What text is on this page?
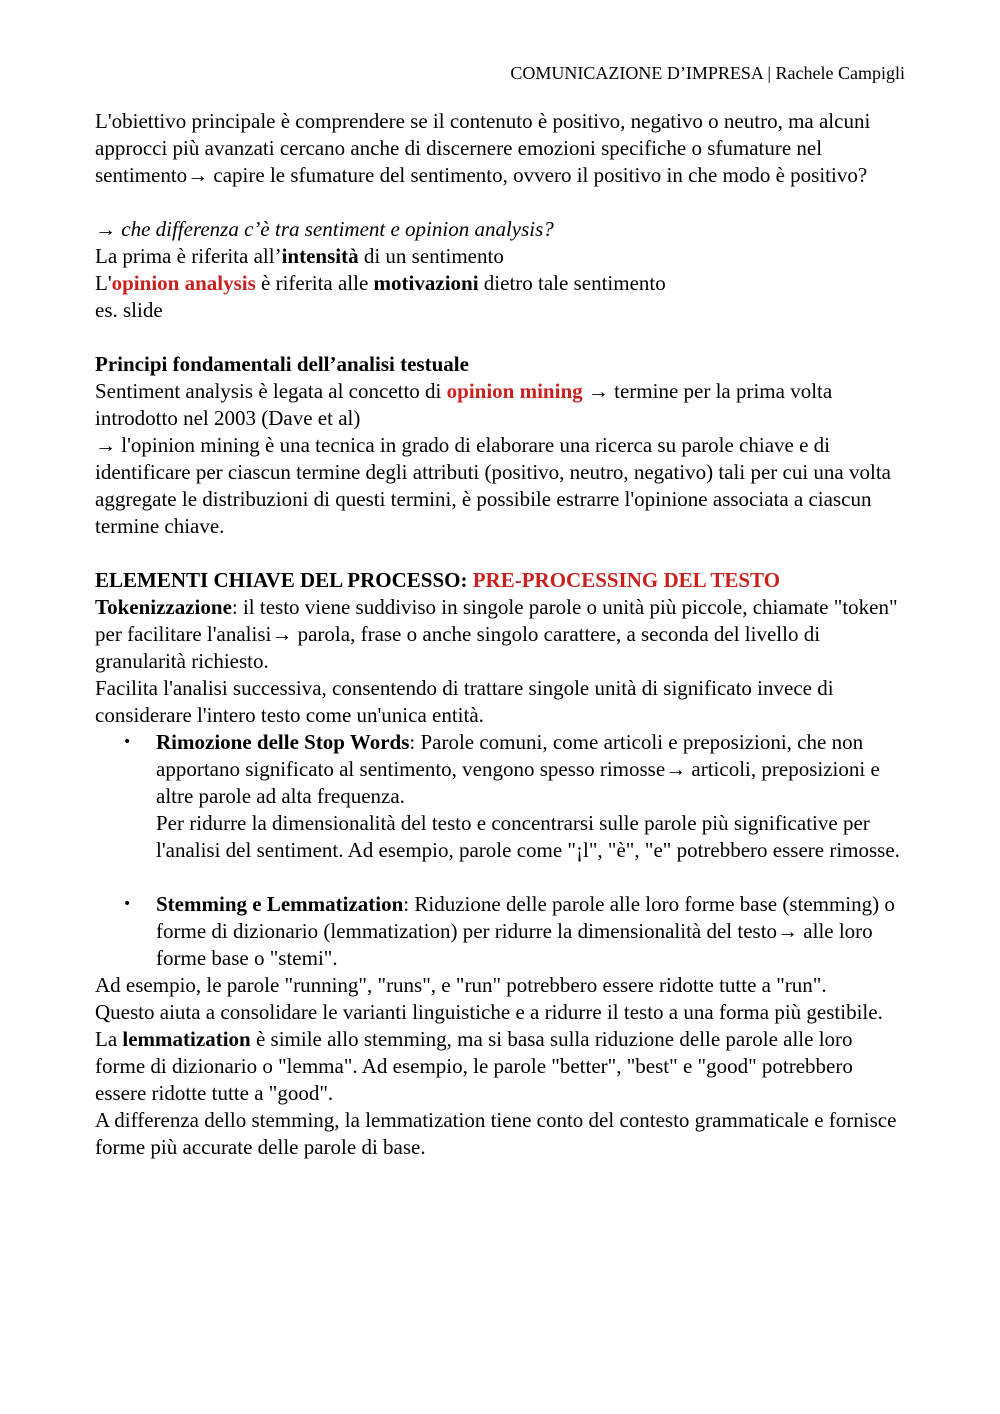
COMUNICAZIONE D’IMPRESA | Rachele Campigli

L'obiettivo principale è comprendere se il contenuto è positivo, negativo o neutro, ma alcuni approcci più avanzati cercano anche di discernere emozioni specifiche o sfumature nel sentimento→ capire le sfumature del sentimento, ovvero il positivo in che modo è positivo?

→ che differenza c’è tra sentiment e opinion analysis?

La prima è riferita all’intensità di un sentimento

L'opinion analysis è riferita alle motivazioni dietro tale sentimento

es. slide

Principi fondamentali dell’analisi testuale

Sentiment analysis è legata al concetto di opinion mining → termine per la prima volta introdotto nel 2003 (Dave et al)

→ l'opinion mining è una tecnica in grado di elaborare una ricerca su parole chiave e di identificare per ciascun termine degli attributi (positivo, neutro, negativo) tali per cui una volta aggregate le distribuzioni di questi termini, è possibile estrarre l'opinione associata a ciascun termine chiave.

ELEMENTI CHIAVE DEL PROCESSO: PRE-PROCESSING DEL TESTO

Tokenizzazione: il testo viene suddiviso in singole parole o unità più piccole, chiamate "token" per facilitare l'analisi→ parola, frase o anche singolo carattere, a seconda del livello di granularità richiesto.

Facilita l'analisi successiva, consentendo di trattare singole unità di significato invece di considerare l'intero testo come un'unica entità.

• Rimozione delle Stop Words: Parole comuni, come articoli e preposizioni, che non apportano significato al sentimento, vengono spesso rimosse→ articoli, preposizioni e altre parole ad alta frequenza.
Per ridurre la dimensionalità del testo e concentrarsi sulle parole più significative per l'analisi del sentiment. Ad esempio, parole come "¡l", "è", "e" potrebbero essere rimosse.
• Stemming e Lemmatization: Riduzione delle parole alle loro forme base (stemming) o forme di dizionario (lemmatization) per ridurre la dimensionalità del testo→ alle loro forme base o "stemi".

Ad esempio, le parole "running", "runs", e "run" potrebbero essere ridotte tutte a "run".

Questo aiuta a consolidare le varianti linguistiche e a ridurre il testo a una forma più gestibile.

La lemmatization è simile allo stemming, ma si basa sulla riduzione delle parole alle loro forme di dizionario o "lemma". Ad esempio, le parole "better", "best" e "good" potrebbero essere ridotte tutte a "good".

A differenza dello stemming, la lemmatization tiene conto del contesto grammaticale e fornisce forme più accurate delle parole di base.
